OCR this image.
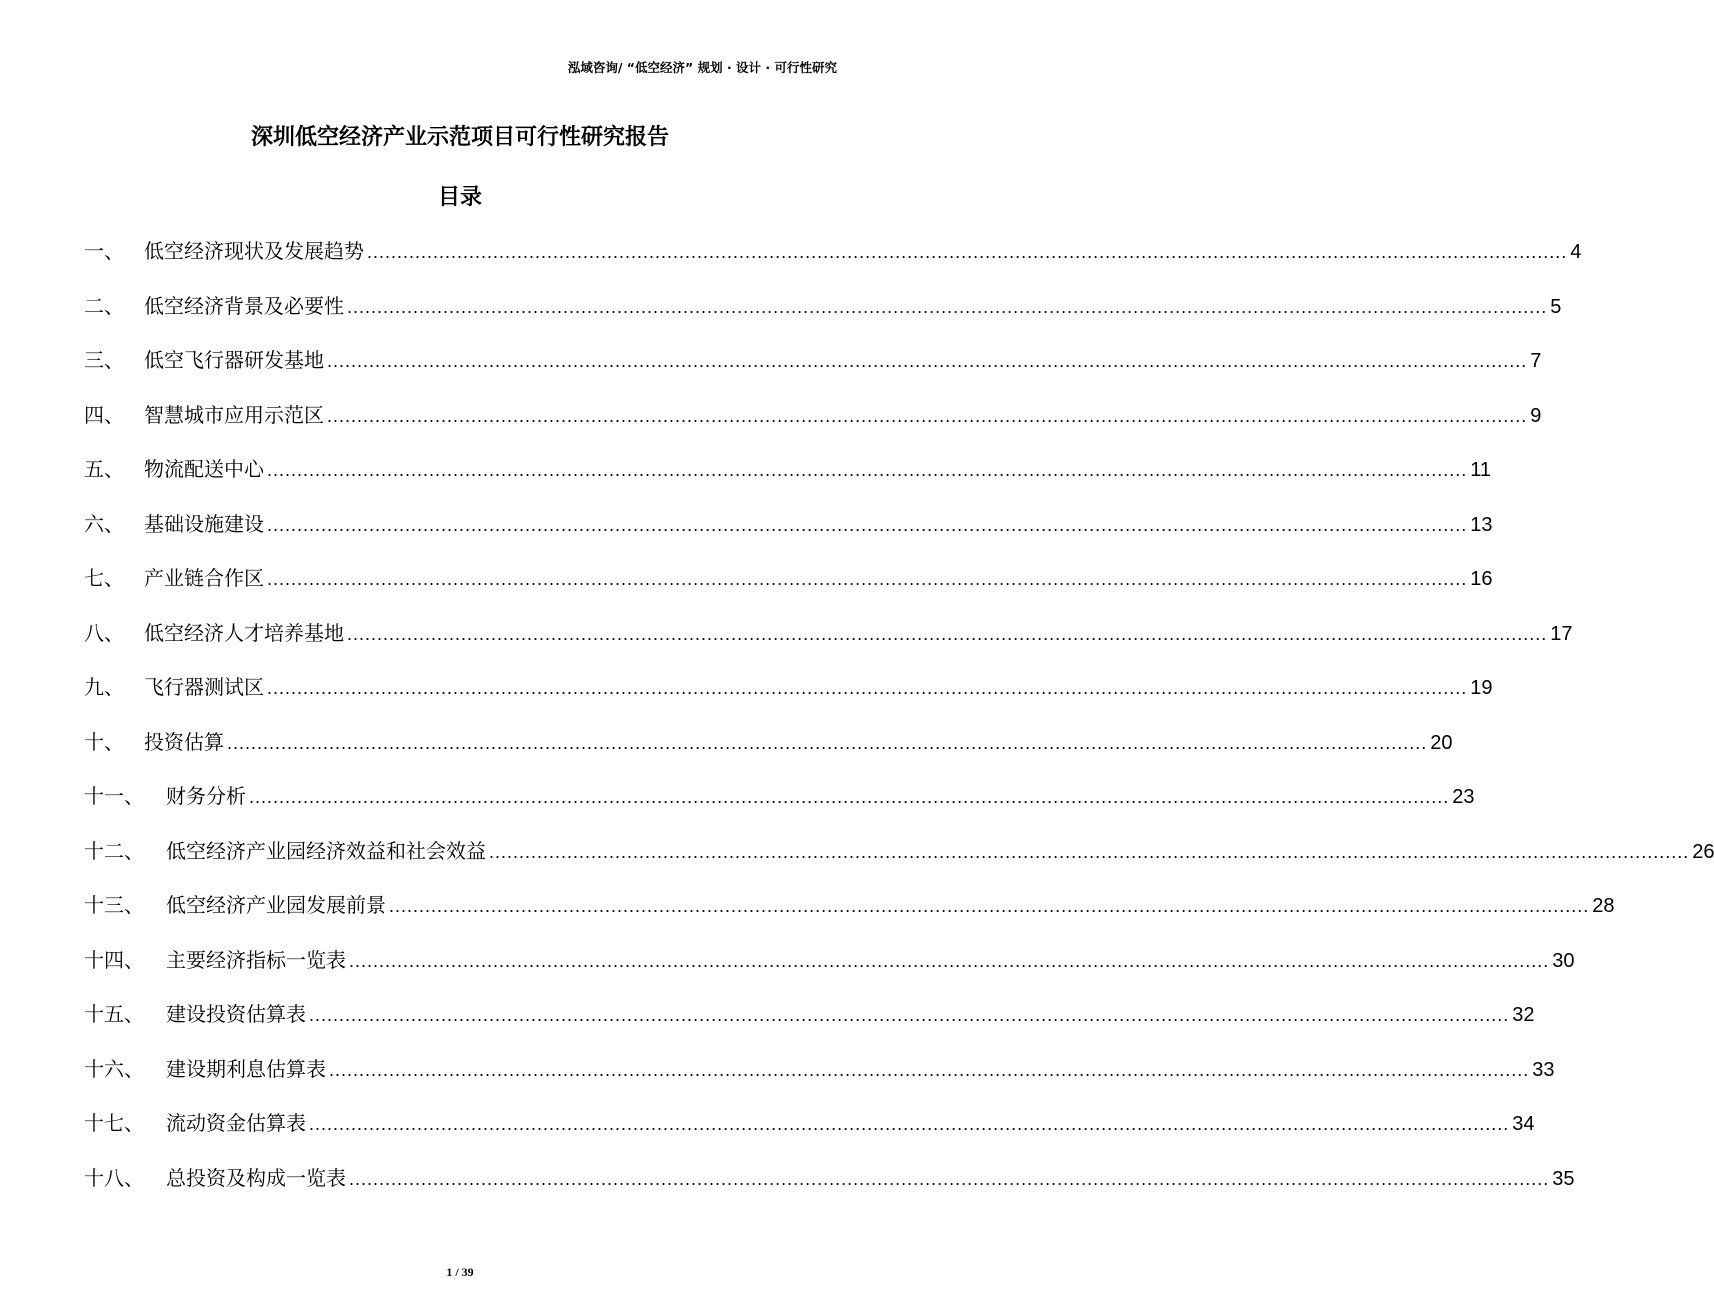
泓域咨询/ “低空经济” 规划 · 设计 · 可行性研究
深圳低空经济产业示范项目可行性研究报告
目录
一、	低空经济现状及发展趋势 ........................................................................................................................................................................................................ 4
二、	低空经济背景及必要性 ........................................................................................................................................................................................................ 5
三、	低空飞行器研发基地 ........................................................................................................................................................................................................ 7
四、	智慧城市应用示范区 ........................................................................................................................................................................................................ 9
五、	物流配送中心 ........................................................................................................................................................................................................ 11
六、	基础设施建设 ........................................................................................................................................................................................................ 13
七、	产业链合作区 ........................................................................................................................................................................................................ 16
八、	低空经济人才培养基地 ........................................................................................................................................................................................................ 17
九、	飞行器测试区 ........................................................................................................................................................................................................ 19
十、	投资估算 ........................................................................................................................................................................................................ 20
十一、	财务分析 ........................................................................................................................................................................................................ 23
十二、	低空经济产业园经济效益和社会效益 ........................................................................................................................................................................................................ 26
十三、	低空经济产业园发展前景 ........................................................................................................................................................................................................ 28
十四、	主要经济指标一览表 ........................................................................................................................................................................................................ 30
十五、	建设投资估算表 ........................................................................................................................................................................................................ 32
十六、	建设期利息估算表 ........................................................................................................................................................................................................ 33
十七、	流动资金估算表 ........................................................................................................................................................................................................ 34
十八、	总投资及构成一览表 ........................................................................................................................................................................................................ 35
1 / 39
